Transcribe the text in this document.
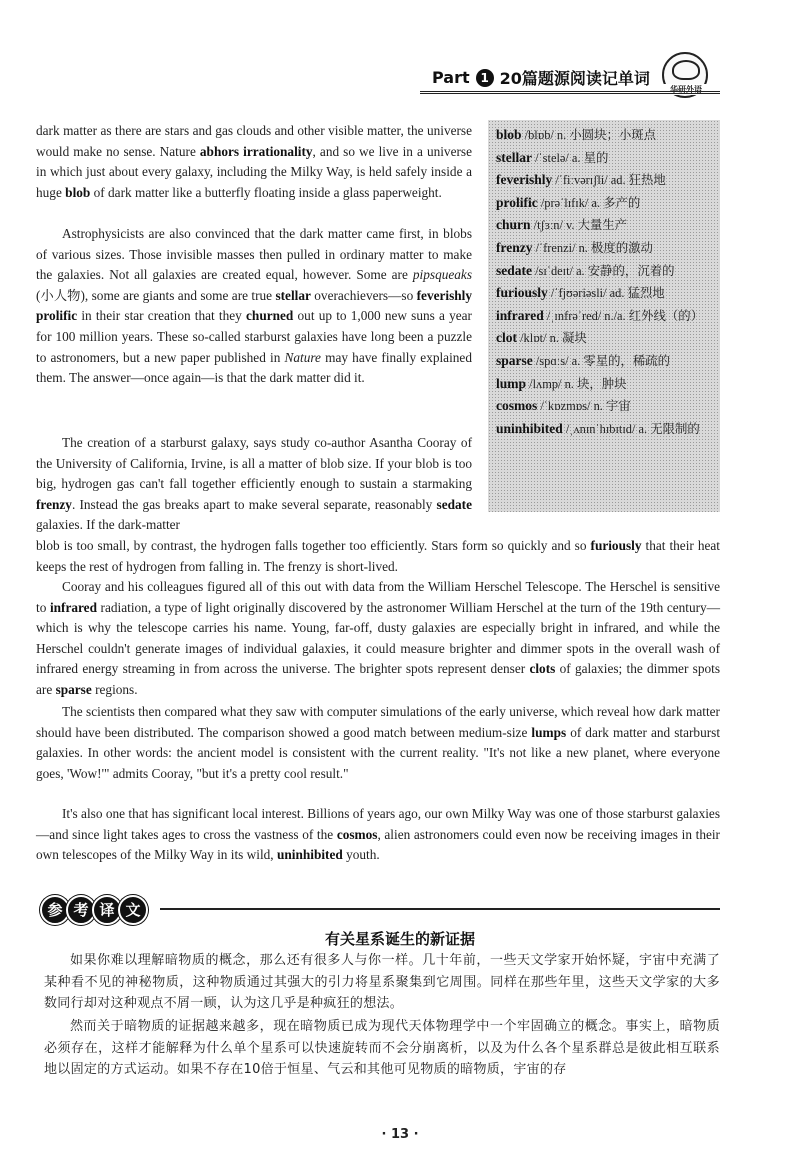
Part 1 20篇题源阅读记单词
华研外语
blob /blɒb/ n. 小圆块；小斑点
stellar /ˈstelə/ a. 星的
feverishly /ˈfiːvərɪʃli/ ad. 狂热地
prolific /prəˈlɪfɪk/ a. 多产的
churn /tʃɜːn/ v. 大量生产
frenzy /ˈfrenzi/ n. 极度的激动
sedate /sɪˈdeɪt/ a. 安静的，沉着的
furiously /ˈfjʊəriəsli/ ad. 猛烈地
infrared /ˌɪnfrəˈred/ n./a. 红外线（的）
clot /klɒt/ n. 凝块
sparse /spɑːs/ a. 零星的，稀疏的
lump /lʌmp/ n. 块，肿块
cosmos /ˈkɒzmɒs/ n. 宇宙
uninhibited /ˌʌnɪnˈhɪbɪtɪd/ a. 无限制的

dark matter as there are stars and gas clouds and other visible matter, the universe would make no sense. Nature abhors irrationality, and so we live in a universe in which just about every galaxy, including the Milky Way, is held safely inside a huge blob of dark matter like a butterfly floating inside a glass paperweight.

Astrophysicists are also convinced that the dark matter came first, in blobs of various sizes. Those invisible masses then pulled in ordinary matter to make the galaxies. Not all galaxies are created equal, however. Some are pipsqueaks (小人物), some are giants and some are true stellar overachievers—so feverishly prolific in their star creation that they churned out up to 1,000 new suns a year for 100 million years. These so-called starburst galaxies have long been a puzzle to astronomers, but a new paper published in Nature may have finally explained them. The answer—once again—is that the dark matter did it.

The creation of a starburst galaxy, says study co-author Asantha Cooray of the University of California, Irvine, is all a matter of blob size. If your blob is too big, hydrogen gas can't fall together efficiently enough to sustain a starmaking frenzy. Instead the gas breaks apart to make several separate, reasonably sedate galaxies. If the dark-matter

blob is too small, by contrast, the hydrogen falls together too efficiently. Stars form so quickly and so furiously that their heat keeps the rest of hydrogen from falling in. The frenzy is short-lived.

Cooray and his colleagues figured all of this out with data from the William Herschel Telescope. The Herschel is sensitive to infrared radiation, a type of light originally discovered by the astronomer William Herschel at the turn of the 19th century—which is why the telescope carries his name. Young, far-off, dusty galaxies are especially bright in infrared, and while the Herschel couldn't generate images of individual galaxies, it could measure brighter and dimmer spots in the overall wash of infrared energy streaming in from across the universe. The brighter spots represent denser clots of galaxies; the dimmer spots are sparse regions.

The scientists then compared what they saw with computer simulations of the early universe, which reveal how dark matter should have been distributed. The comparison showed a good match between medium-size lumps of dark matter and starburst galaxies. In other words: the ancient model is consistent with the current reality. "It's not like a new planet, where everyone goes, 'Wow!'" admits Cooray, "but it's a pretty cool result."

It's also one that has significant local interest. Billions of years ago, our own Milky Way was one of those starburst galaxies—and since light takes ages to cross the vastness of the cosmos, alien astronomers could even now be receiving images in their own telescopes of the Milky Way in its wild, uninhibited youth.

参 考 译 文
有关星系诞生的新证据

如果你难以理解暗物质的概念，那么还有很多人与你一样。几十年前，一些天文学家开始怀疑，宇宙中充满了某种看不见的神秘物质，这种物质通过其强大的引力将星系聚集到它周围。同样在那些年里，这些天文学家的大多数同行却对这种观点不屑一顾，认为这几乎是种疯狂的想法。

然而关于暗物质的证据越来越多，现在暗物质已成为现代天体物理学中一个牢固确立的概念。事实上，暗物质必须存在，这样才能解释为什么单个星系可以快速旋转而不会分崩离析，以及为什么各个星系群总是彼此相互联系地以固定的方式运动。如果不存在10倍于恒星、气云和其他可见物质的暗物质，宇宙的存

· 13 ·
